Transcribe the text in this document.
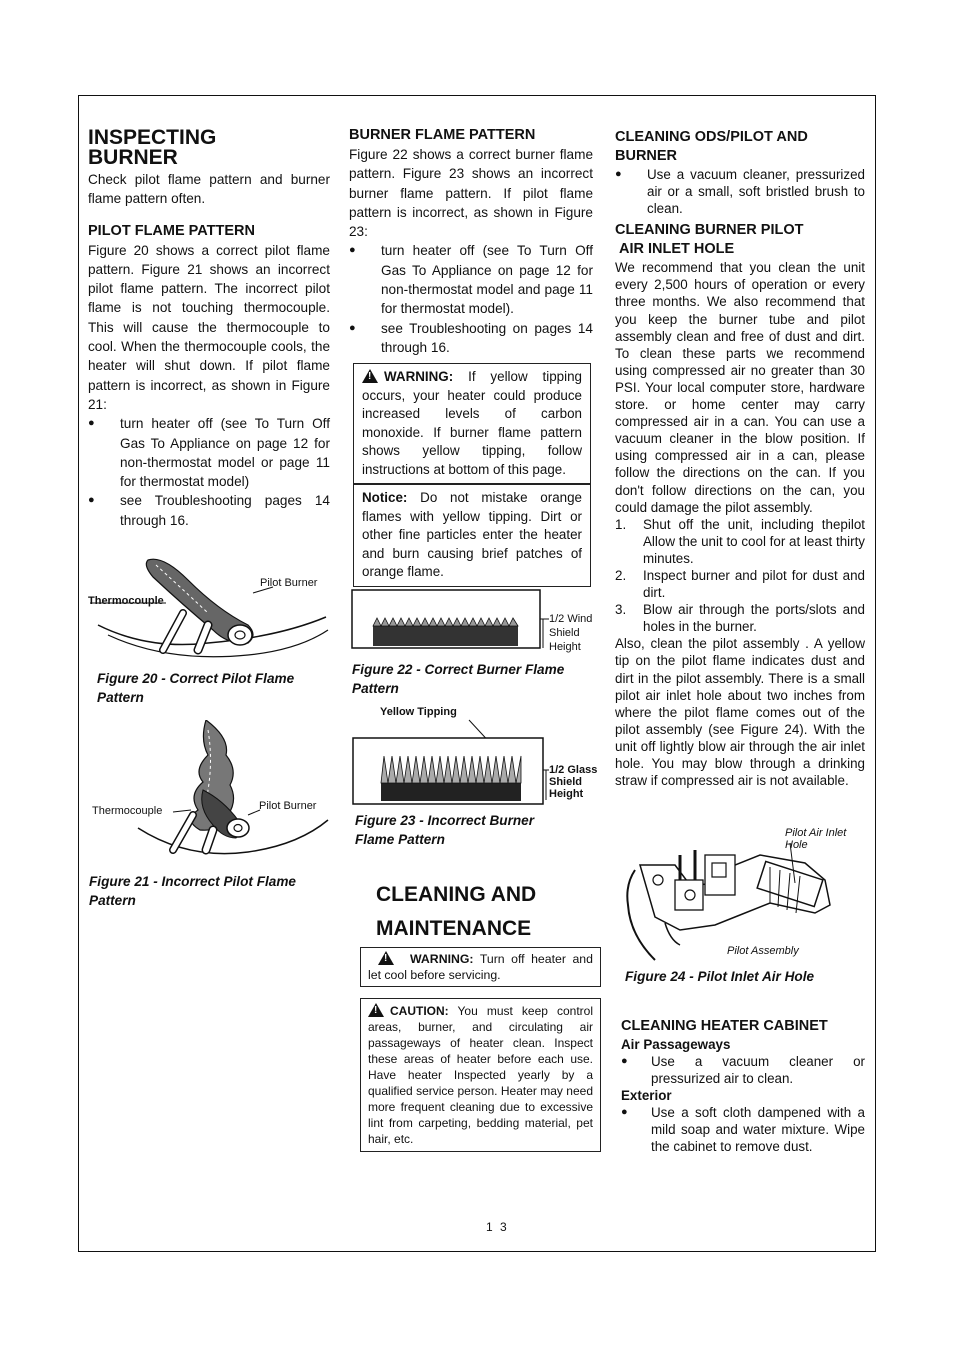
INSPECTING BURNER

Check pilot flame pattern and burner flame pattern often.

PILOT FLAME PATTERN

Figure 20 shows a correct pilot flame pattern. Figure 21 shows an incorrect pilot flame pattern. The incorrect pilot flame is not touching thermocouple. This will cause the thermocouple to cool. When the thermocouple cools, the heater will shut down. If pilot flame pattern is incorrect, as shown in Figure 21:

● turn heater off (see To Turn Off Gas To Appliance on page 12 for non-thermostat model or page 11 for thermostat model)
● see Troubleshooting pages 14 through 16.
Thermocouple
Pilot Burner

Figure 20 - Correct Pilot Flame Pattern

Thermocouple	Pilot Burner

Figure 21 - Incorrect Pilot Flame Pattern

BURNER FLAME PATTERN

Figure 22 shows a correct burner flame pattern. Figure 23 shows an incorrect burner flame pattern. If pilot flame pattern is incorrect, as shown in Figure 23:

● turn heater off (see To Turn Off Gas To Appliance on page 12 for non-thermostat model and page 11 for thermostat model).
● see Troubleshooting on pages 14 through 16.
!WARNING: If yellow tipping occurs, your heater could produce increased levels of carbon monoxide. If burner flame pattern shows yellow tipping, follow instructions at bottom of this page.
Notice: Do not mistake orange flames with yellow tipping. Dirt or other fine particles enter the heater and burn causing brief patches of orange flame.
1/2 Wind Shield Height

Figure 22 - Correct Burner Flame Pattern

Yellow Tipping
1/2 Glass Shield Height

Figure 23 - Incorrect Burner Flame Pattern

CLEANING AND

MAINTENANCE

!WARNING: Turn off heater and let cool before servicing.
!CAUTION: You must keep control areas, burner, and circulating air passageways of heater clean. Inspect these areas of heater before each use. Have heater Inspected yearly by a qualified service person. Heater may need more frequent cleaning due to excessive lint from carpeting, bedding material, pet hair, etc.

CLEANING ODS/PILOT AND BURNER

● Use a vacuum cleaner, pressurized air or a small, soft bristled brush to clean.

CLEANING BURNER PILOT

AIR INLET HOLE

We recommend that you clean the unit every 2,500 hours of operation or every three months. We also recommend that you keep the burner tube and pilot assembly clean and free of dust and dirt. To clean these parts we recommend using compressed air no greater than 30 PSI. Your local computer store, hardware store. or home center may carry compressed air in a can. You can use a vacuum cleaner in the blow position. If using compressed air in a can, please follow the directions on the can. If you don't follow directions on the can, you could damage the pilot assembly.

1. Shut off the unit, including thepilot Allow the unit to cool for at least thirty minutes.
2. Inspect burner and pilot for dust and dirt.
3. Blow air through the ports/slots and holes in the burner.

Also, clean the pilot assembly . A yellow tip on the pilot flame indicates dust and dirt in the pilot assembly. There is a small pilot air inlet hole about two inches from where the pilot flame comes out of the pilot assembly (see Figure 24). With the unit off lightly blow air through the air inlet hole. You may blow through a drinking straw if compressed air is not available.

Pilot Air Inlet Hole
Pilot Assembly

Figure 24 - Pilot Inlet Air Hole

CLEANING HEATER CABINET

Air Passageways

● Use a vacuum cleaner or pressurized air to clean.

Exterior

● Use a soft cloth dampened with a mild soap and water mixture. Wipe the cabinet to remove dust.
1 3
